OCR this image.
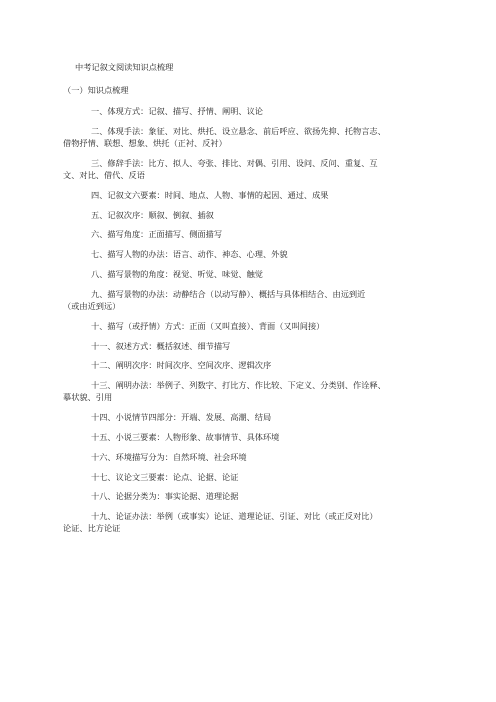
中考记叙文阅读知识点梳理
（一）知识点梳理
一、体现方式：记叙、描写、抒情、阐明、议论
二、体现手法：象征、对比、烘托、设立悬念、前后呼应、欲扬先抑、托物言志、
借物抒情、联想、想象、烘托（正衬、反衬）
三、修辞手法：比方、拟人、夸张、排比、对偶、引用、设问、反问、重复、互
文、对比、借代、反语
四、记叙文六要素：时间、地点、人物、事情的起因、通过、成果
五、记叙次序：顺叙、倒叙、插叙
六、描写角度：正面描写、侧面描写
七、描写人物的办法：语言、动作、神态、心理、外貌
八、描写景物的角度：视觉、听觉、味觉、触觉
九、描写景物的办法：动静结合（以动写静）、概括与具体相结合、由远到近
（或由近到远）
十、描写（或抒情）方式：正面（又叫直接）、背面（又叫间接）
十一、叙述方式：概括叙述、细节描写
十二、阐明次序：时间次序、空间次序、逻辑次序
十三、阐明办法：举例子、列数字、打比方、作比较、下定义、分类别、作诠释、
摹状貌、引用
十四、小说情节四部分：开端、发展、高潮、结局
十五、小说三要素：人物形象、故事情节、具体环境
十六、环境描写分为：自然环境、社会环境
十七、议论文三要素：论点、论据、论证
十八、论据分类为：事实论据、道理论据
十九、论证办法：举例（或事实）论证、道理论证、引证、对比（或正反对比）
论证、比方论证
